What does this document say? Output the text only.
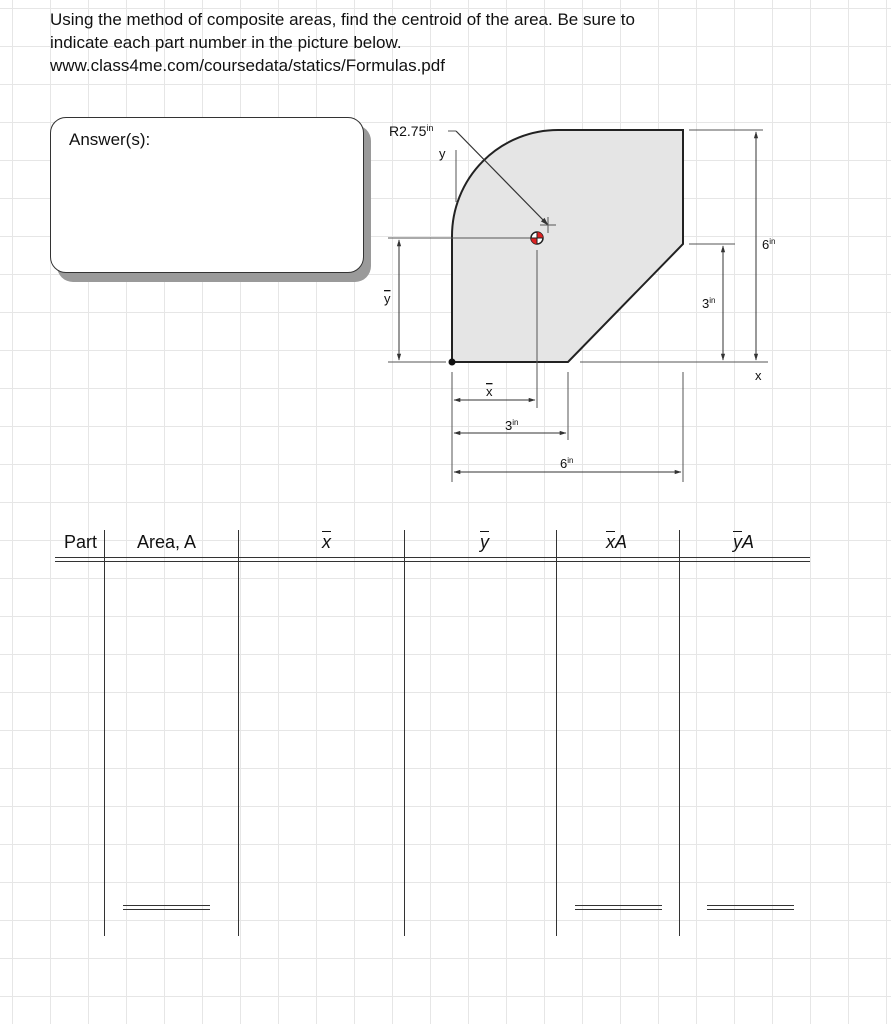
Using the method of composite areas, find the centroid of the area. Be sure to
indicate each part number in the picture below.
www.class4me.com/coursedata/statics/Formulas.pdf
Answer(s):	$R2.75^{in}$
y
x
y
x
$3^{in}$
$6^{in}$
$3^{in}$
$6^{in}$
Part Area, A	$\overline{x}$	$\overline{y}$	$\overline{x}A$	$\overline{y}A$
